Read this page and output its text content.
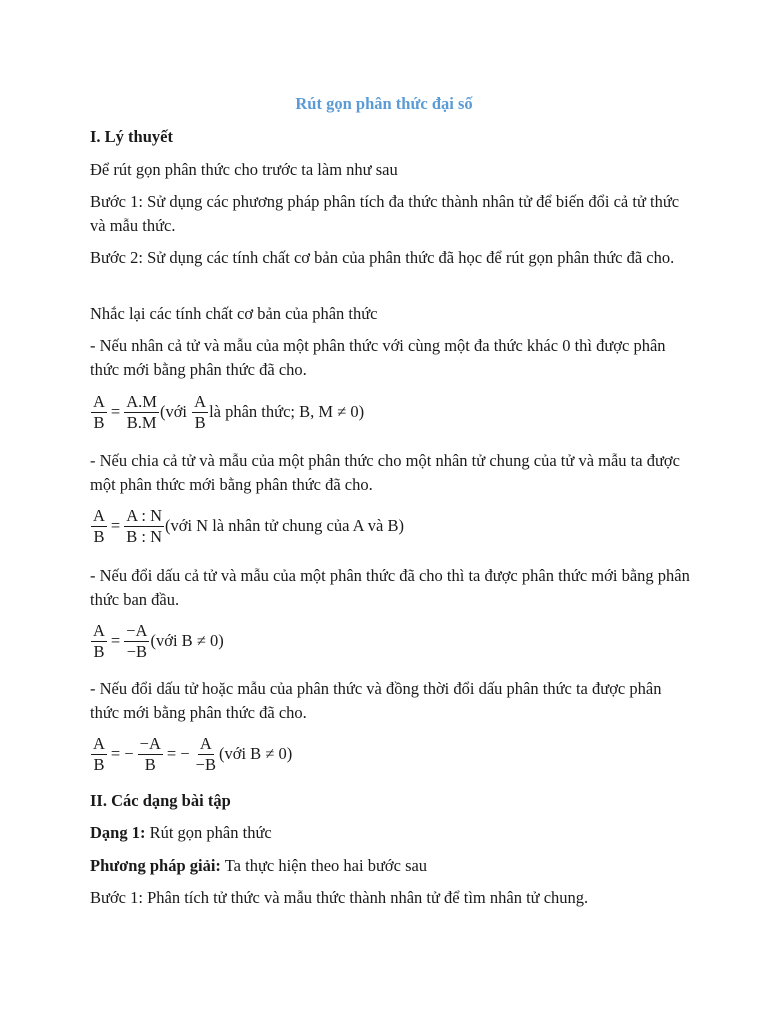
Rút gọn phân thức đại số
I. Lý thuyết
Để rút gọn phân thức cho trước ta làm như sau
Bước 1: Sử dụng các phương pháp phân tích đa thức thành nhân tử để biến đổi cả tử thức và mẫu thức.
Bước 2: Sử dụng các tính chất cơ bản của phân thức đã học để rút gọn phân thức đã cho.
Nhắc lại các tính chất cơ bản của phân thức
- Nếu nhân cả tử và mẫu của một phân thức với cùng một đa thức khác 0 thì được phân thức mới bằng phân thức đã cho.
$\frac{A}{B} = \frac{A.M}{B.M}$ (với $\frac{A}{B}$ là phân thức; B, M ≠ 0)
- Nếu chia cả tử và mẫu của một phân thức cho một nhân tử chung của tử và mẫu ta được một phân thức mới bằng phân thức đã cho.
$\frac{A}{B} = \frac{A : N}{B : N}$ (với N là nhân tử chung của A và B)
- Nếu đổi dấu cả tử và mẫu của một phân thức đã cho thì ta được phân thức mới bằng phân thức ban đầu.
$\frac{A}{B} = \frac{-A}{-B}$ (với B ≠ 0)
- Nếu đổi dấu tử hoặc mẫu của phân thức và đồng thời đổi dấu phân thức ta được phân thức mới bằng phân thức đã cho.
$\frac{A}{B}$ = − $\frac{-A}{B}$ = − $\frac{A}{-B}$ (với B ≠ 0)
II. Các dạng bài tập
Dạng 1: Rút gọn phân thức
Phương pháp giải: Ta thực hiện theo hai bước sau
Bước 1: Phân tích tử thức và mẫu thức thành nhân tử để tìm nhân tử chung.
